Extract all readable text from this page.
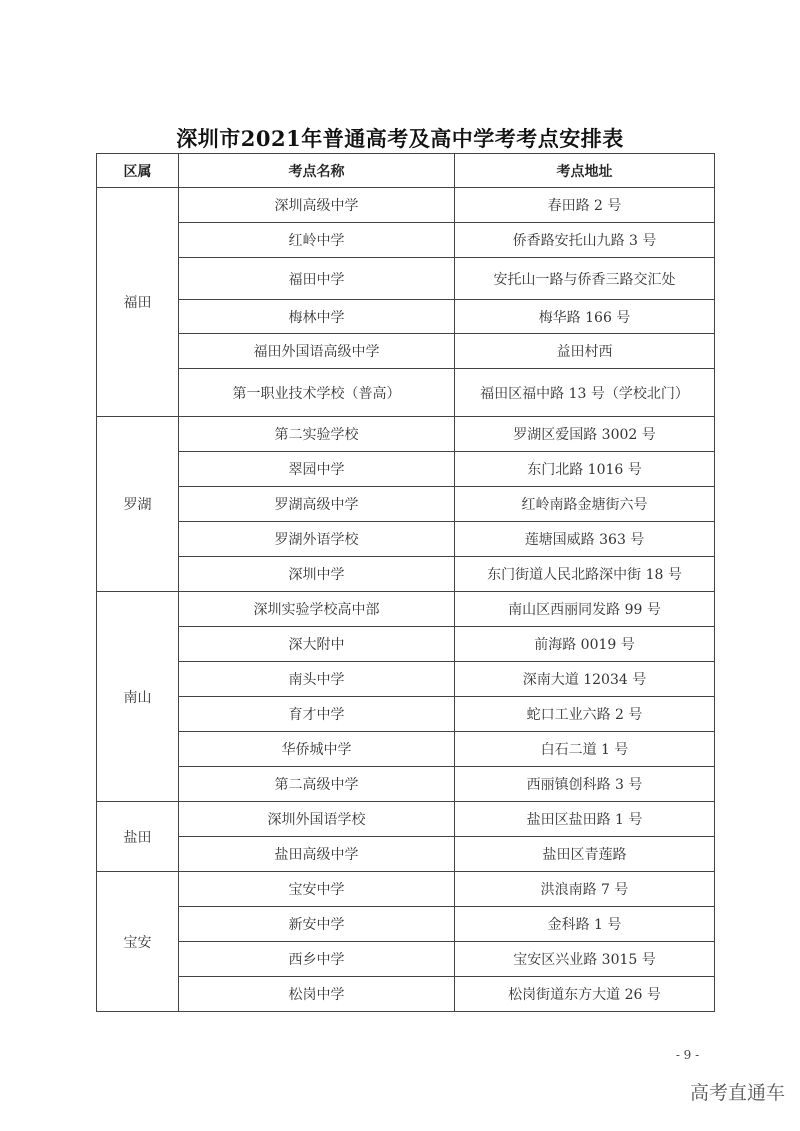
深圳市2021年普通高考及高中学考考点安排表
区属	考点名称	考点地址
福田	深圳高级中学	春田路 2 号
	红岭中学	侨香路安托山九路 3 号
	福田中学	安托山一路与侨香三路交汇处
	梅林中学	梅华路 166 号
	福田外国语高级中学	益田村西
	第一职业技术学校（普高）	福田区福中路 13 号（学校北门）
罗湖	第二实验学校	罗湖区爱国路 3002 号
	翠园中学	东门北路 1016 号
	罗湖高级中学	红岭南路金塘街六号
	罗湖外语学校	莲塘国威路 363 号
	深圳中学	东门街道人民北路深中街 18 号
南山	深圳实验学校高中部	南山区西丽同发路 99 号
	深大附中	前海路 0019 号
	南头中学	深南大道 12034 号
	育才中学	蛇口工业六路 2 号
	华侨城中学	白石二道 1 号
	第二高级中学	西丽镇创科路 3 号
盐田	深圳外国语学校	盐田区盐田路 1 号
	盐田高级中学	盐田区青莲路
宝安	宝安中学	洪浪南路 7 号
	新安中学	金科路 1 号
	西乡中学	宝安区兴业路 3015 号
	松岗中学	松岗街道东方大道 26 号
- 9 -
高考直通车
